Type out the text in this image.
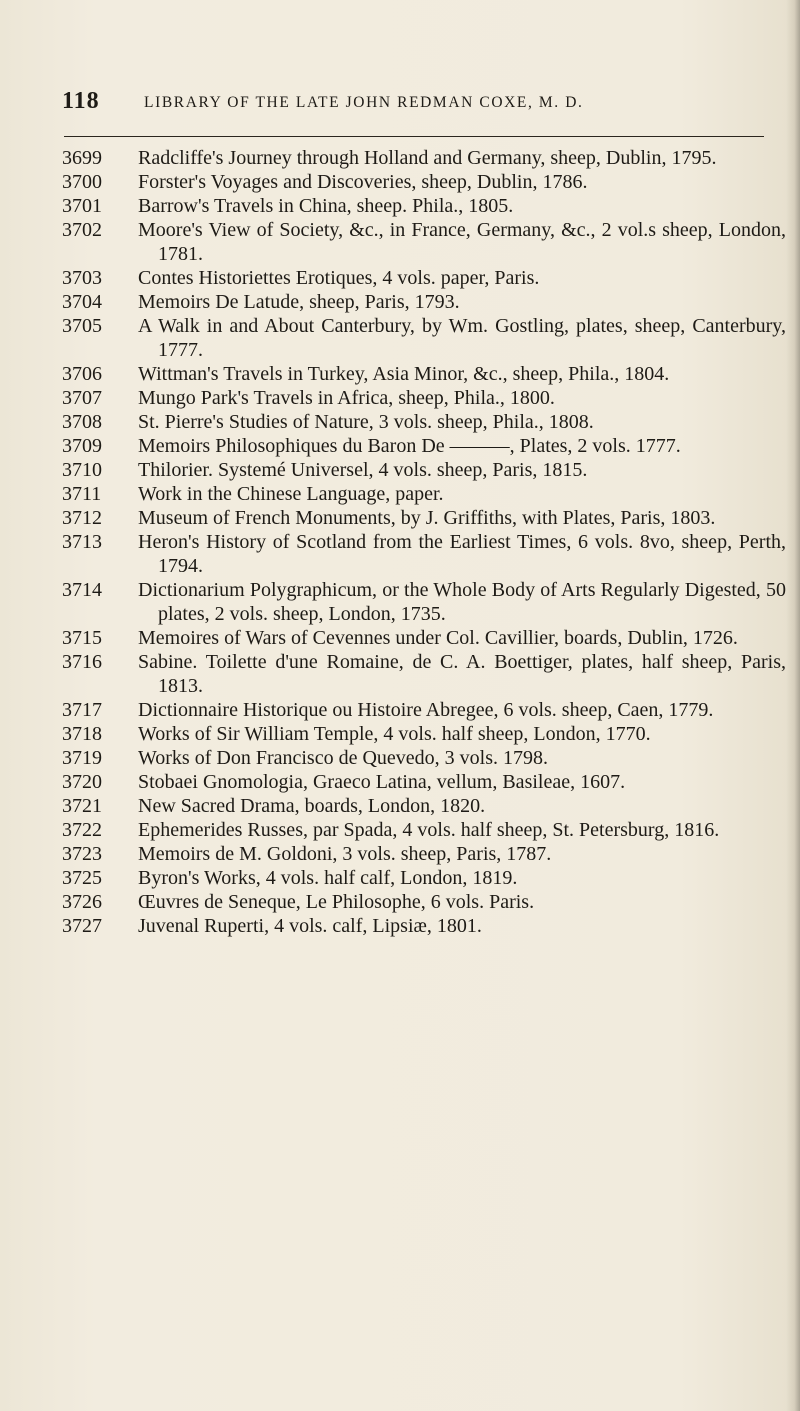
118	LIBRARY OF THE LATE JOHN REDMAN COXE, M. D.
3699	Radcliffe's Journey through Holland and Germany, sheep, Dublin, 1795.
3700	Forster's Voyages and Discoveries, sheep, Dublin, 1786.
3701	Barrow's Travels in China, sheep. Phila., 1805.
3702	Moore's View of Society, &c., in France, Germany, &c., 2 vol.s sheep, London, 1781.
3703	Contes Historiettes Erotiques, 4 vols. paper, Paris.
3704	Memoirs De Latude, sheep, Paris, 1793.
3705	A Walk in and About Canterbury, by Wm. Gostling, plates, sheep, Canterbury, 1777.
3706	Wittman's Travels in Turkey, Asia Minor, &c., sheep, Phila., 1804.
3707	Mungo Park's Travels in Africa, sheep, Phila., 1800.
3708	St. Pierre's Studies of Nature, 3 vols. sheep, Phila., 1808.
3709	Memoirs Philosophiques du Baron De ———, Plates, 2 vols. 1777.
3710	Thilorier. Systemé Universel, 4 vols. sheep, Paris, 1815.
3711	Work in the Chinese Language, paper.
3712	Museum of French Monuments, by J. Griffiths, with Plates, Paris, 1803.
3713	Heron's History of Scotland from the Earliest Times, 6 vols. 8vo, sheep, Perth, 1794.
3714	Dictionarium Polygraphicum, or the Whole Body of Arts Regularly Digested, 50 plates, 2 vols. sheep, London, 1735.
3715	Memoires of Wars of Cevennes under Col. Cavillier, boards, Dublin, 1726.
3716	Sabine. Toilette d'une Romaine, de C. A. Boettiger, plates, half sheep, Paris, 1813.
3717	Dictionnaire Historique ou Histoire Abregee, 6 vols. sheep, Caen, 1779.
3718	Works of Sir William Temple, 4 vols. half sheep, London, 1770.
3719	Works of Don Francisco de Quevedo, 3 vols. 1798.
3720	Stobaei Gnomologia, Graeco Latina, vellum, Basileae, 1607.
3721	New Sacred Drama, boards, London, 1820.
3722	Ephemerides Russes, par Spada, 4 vols. half sheep, St. Petersburg, 1816.
3723	Memoirs de M. Goldoni, 3 vols. sheep, Paris, 1787.
3725	Byron's Works, 4 vols. half calf, London, 1819.
3726	Œuvres de Seneque, Le Philosophe, 6 vols. Paris.
3727	Juvenal Ruperti, 4 vols. calf, Lipsiæ, 1801.
